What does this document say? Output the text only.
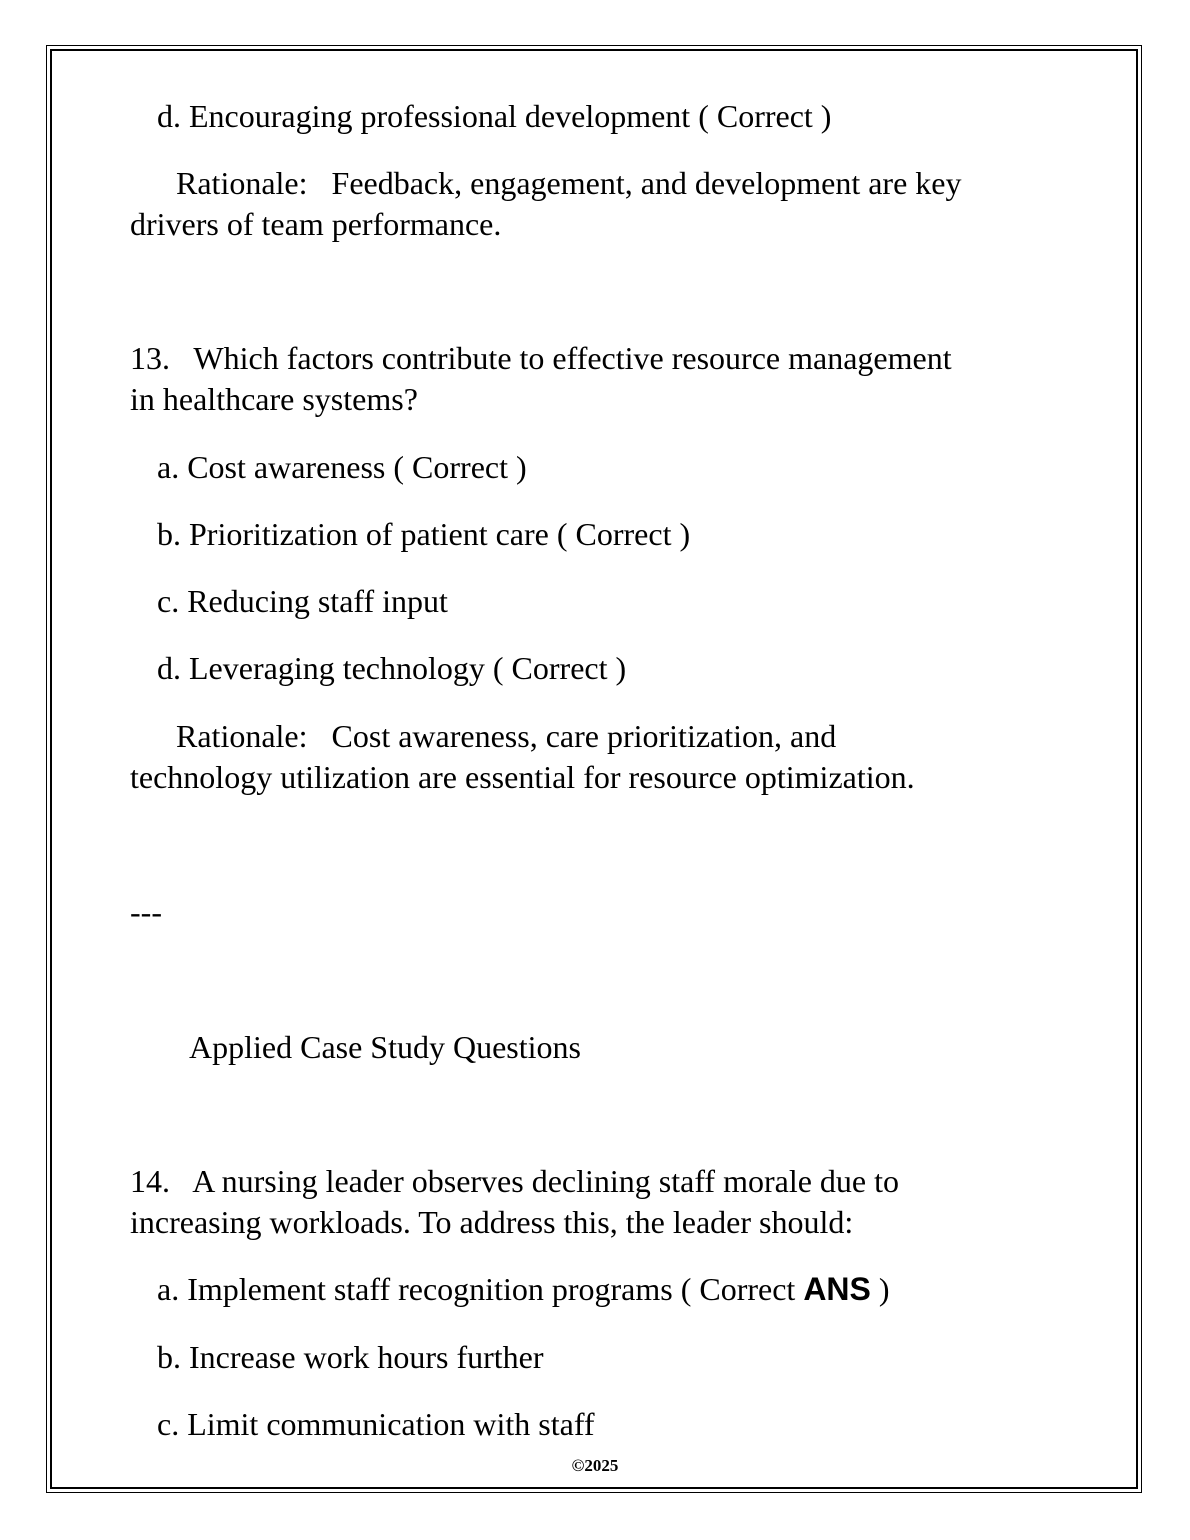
d. Encouraging professional development ( Correct )
Rationale:   Feedback, engagement, and development are key
drivers of team performance.
13.   Which factors contribute to effective resource management
in healthcare systems?
a. Cost awareness ( Correct )
b. Prioritization of patient care ( Correct )
c. Reducing staff input
d. Leveraging technology ( Correct )
Rationale:   Cost awareness, care prioritization, and
technology utilization are essential for resource optimization.
---
Applied Case Study Questions
14.   A nursing leader observes declining staff morale due to
increasing workloads. To address this, the leader should:
a. Implement staff recognition programs ( Correct ANS )
b. Increase work hours further
c. Limit communication with staff
©2025
